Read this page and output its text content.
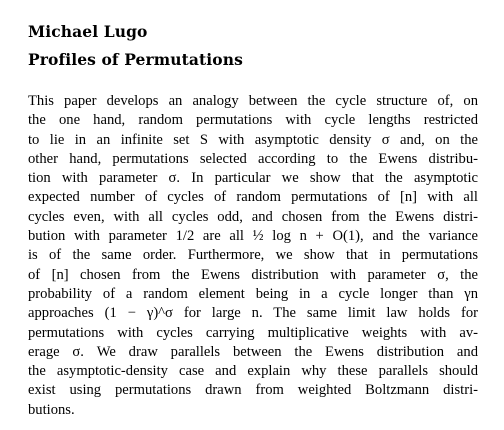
Michael Lugo
Profiles of Permutations
This paper develops an analogy between the cycle structure of, on
the one hand, random permutations with cycle lengths restricted
to lie in an infinite set S with asymptotic density σ and, on the
other hand, permutations selected according to the Ewens distribu-
tion with parameter σ. In particular we show that the asymptotic
expected number of cycles of random permutations of [n] with all
cycles even, with all cycles odd, and chosen from the Ewens distri-
bution with parameter 1/2 are all ½ log n + O(1), and the variance
is of the same order. Furthermore, we show that in permutations
of [n] chosen from the Ewens distribution with parameter σ, the
probability of a random element being in a cycle longer than γn
approaches (1 − γ)^σ for large n. The same limit law holds for
permutations with cycles carrying multiplicative weights with av-
erage σ. We draw parallels between the Ewens distribution and
the asymptotic-density case and explain why these parallels should
exist using permutations drawn from weighted Boltzmann distri-
butions.
